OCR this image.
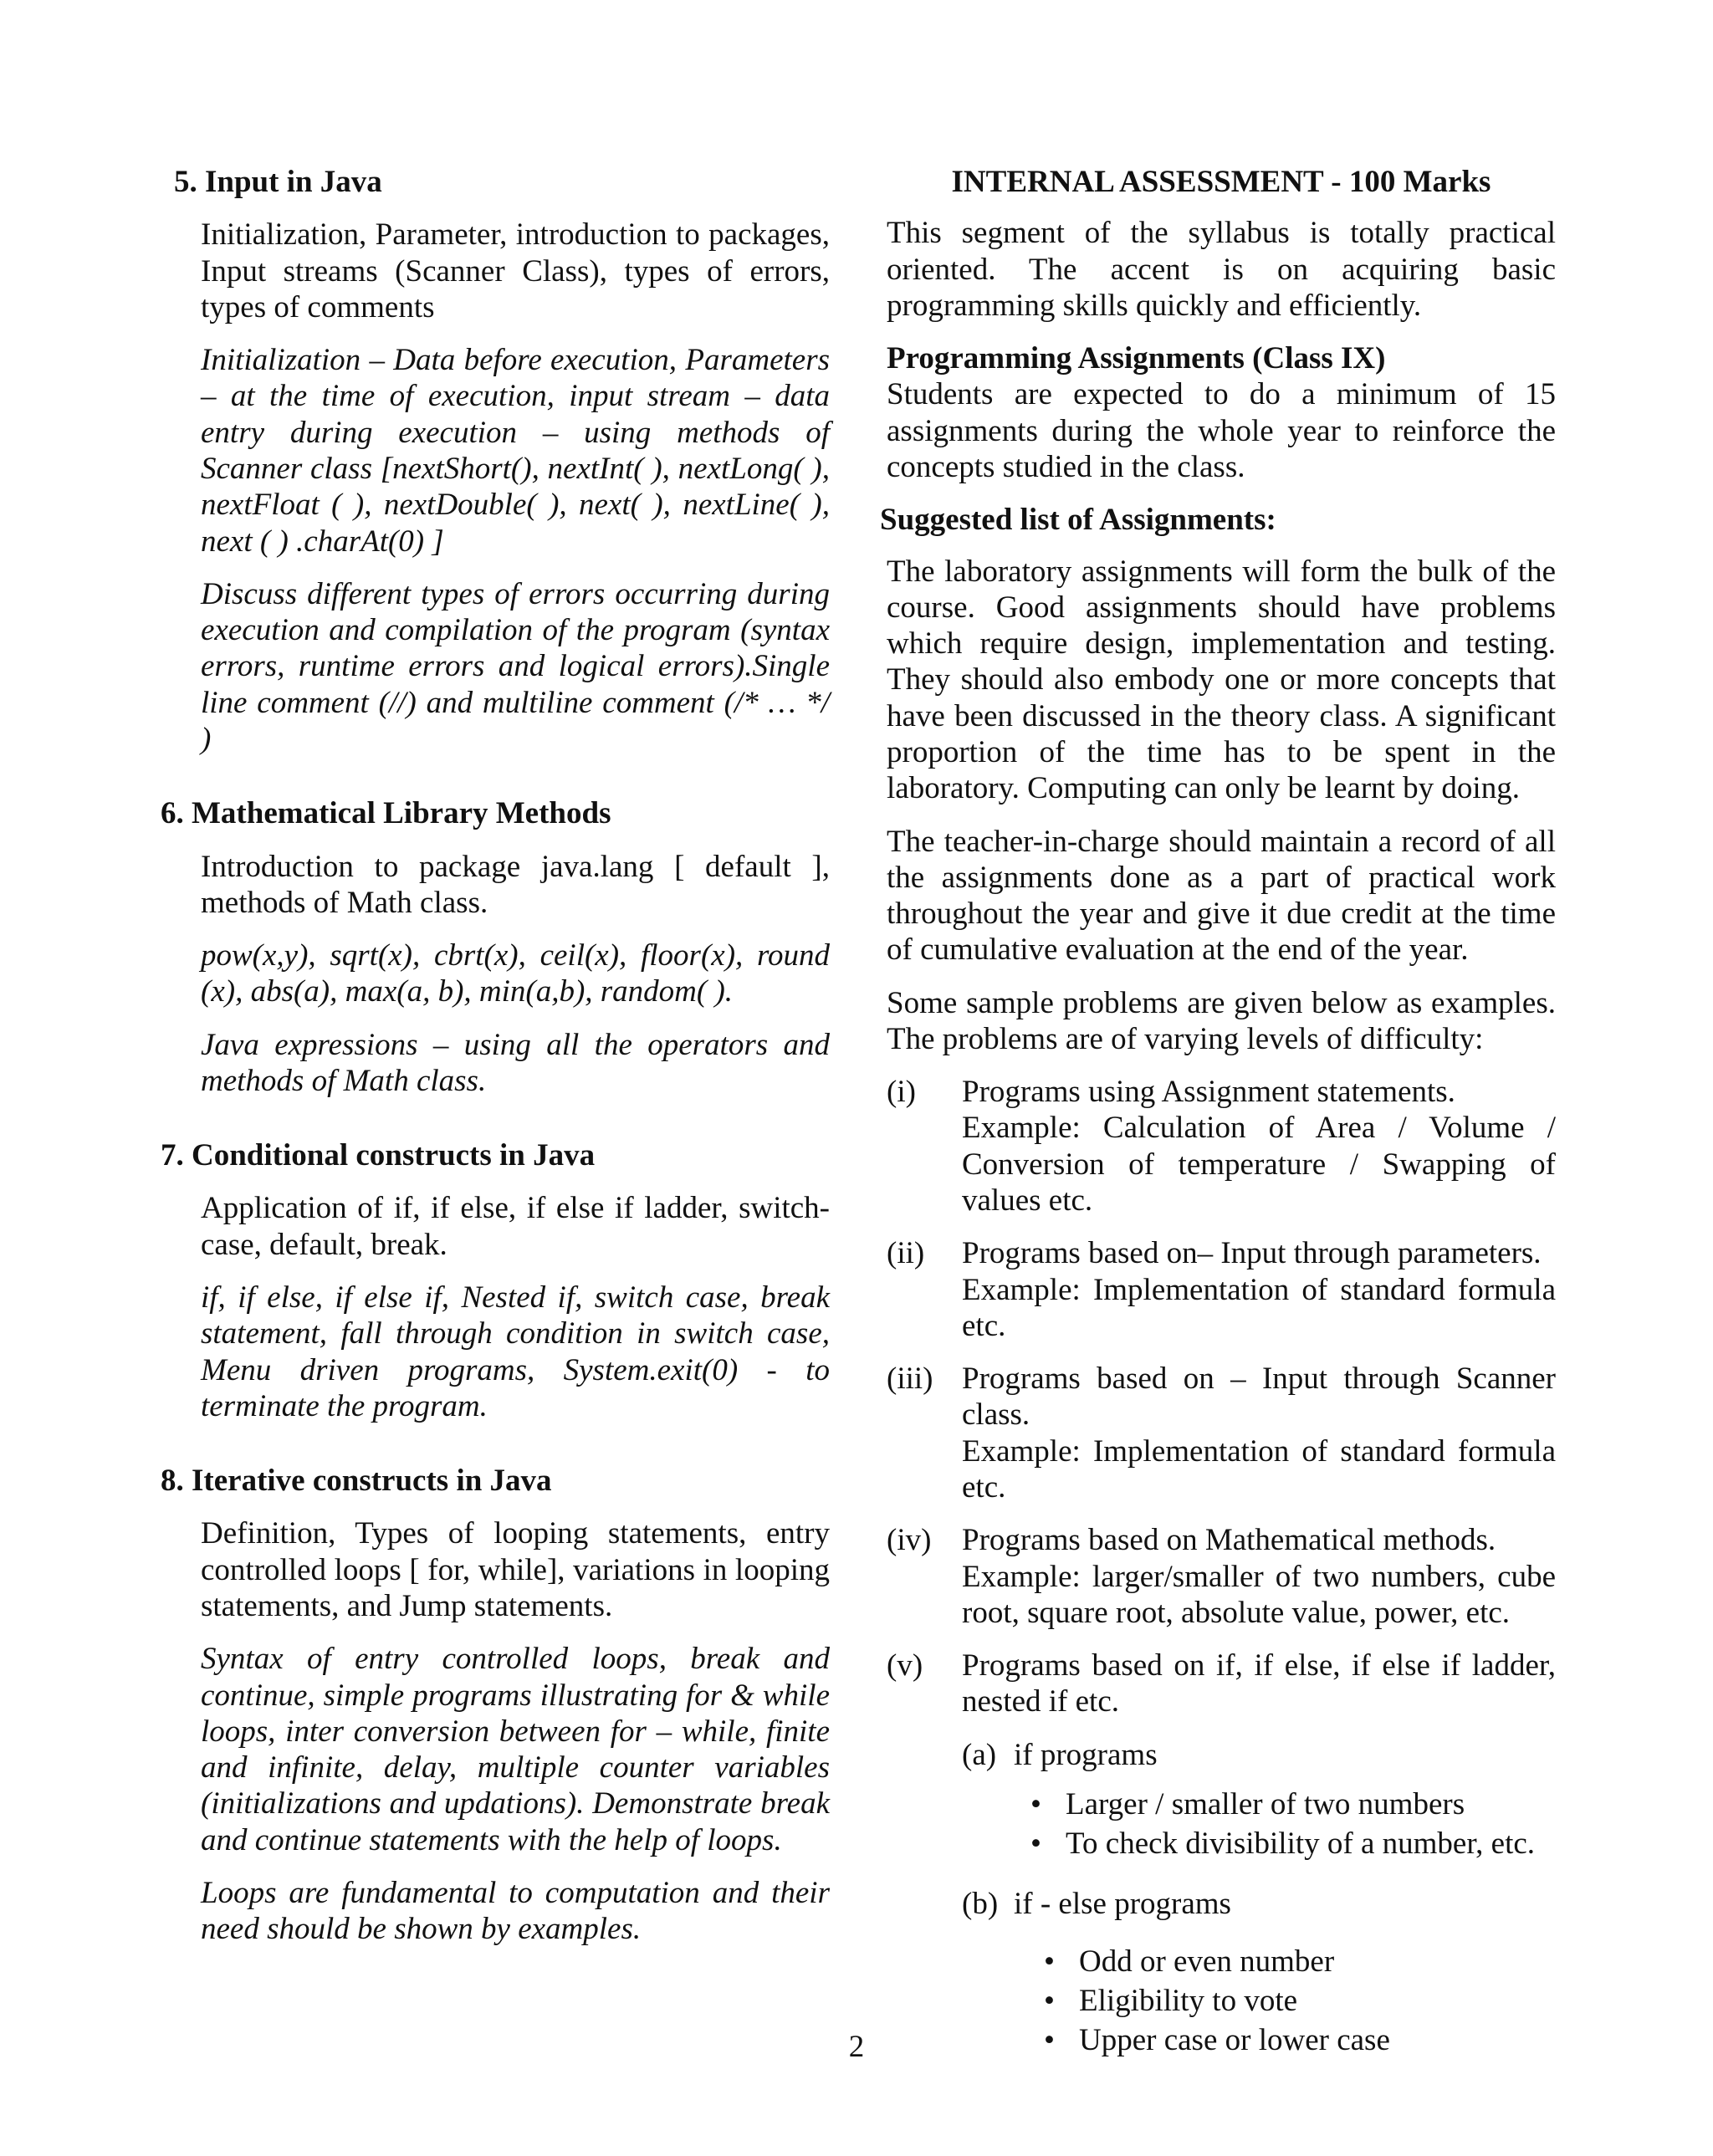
5. Input in Java

Initialization, Parameter, introduction to packages, Input streams (Scanner Class), types of errors, types of comments

Initialization – Data before execution, Parameters – at the time of execution, input stream – data entry during execution – using methods of Scanner class [nextShort(), nextInt( ), nextLong( ), nextFloat ( ), nextDouble( ), next( ), nextLine( ), next ( ) .charAt(0) ]

Discuss different types of errors occurring during execution and compilation of the program (syntax errors, runtime errors and logical errors).Single line comment (//) and multiline comment (/* … */ )

6. Mathematical Library Methods

Introduction to package java.lang [ default ], methods of Math class.

pow(x,y), sqrt(x), cbrt(x), ceil(x), floor(x), round (x), abs(a), max(a, b), min(a,b), random( ).

Java expressions – using all the operators and methods of Math class.

7. Conditional constructs in Java

Application of if, if else, if else if ladder, switch-case, default, break.

if, if else, if else if, Nested if, switch case, break statement, fall through condition in switch case, Menu driven programs, System.exit(0) - to terminate the program.

8. Iterative constructs in Java

Definition, Types of looping statements, entry controlled loops [ for, while], variations in looping statements, and Jump statements.

Syntax of entry controlled loops, break and continue, simple programs illustrating for & while loops, inter conversion between for – while, finite and infinite, delay, multiple counter variables (initializations and updations). Demonstrate break and continue statements with the help of loops.

Loops are fundamental to computation and their need should be shown by examples.

INTERNAL ASSESSMENT - 100 Marks

This segment of the syllabus is totally practical oriented. The accent is on acquiring basic programming skills quickly and efficiently.

Programming Assignments (Class IX)

Students are expected to do a minimum of 15 assignments during the whole year to reinforce the concepts studied in the class.

Suggested list of Assignments:

The laboratory assignments will form the bulk of the course. Good assignments should have problems which require design, implementation and testing. They should also embody one or more concepts that have been discussed in the theory class. A significant proportion of the time has to be spent in the laboratory. Computing can only be learnt by doing.

The teacher-in-charge should maintain a record of all the assignments done as a part of practical work throughout the year and give it due credit at the time of cumulative evaluation at the end of the year.

Some sample problems are given below as examples. The problems are of varying levels of difficulty:

(i)	Programs using Assignment statements.
Example: Calculation of Area / Volume / Conversion of temperature / Swapping of values etc.
(ii)	Programs based on– Input through parameters.
Example: Implementation of standard formula etc.
(iii) Programs based on – Input through Scanner class.
Example: Implementation of standard formula etc.
(iv) Programs based on Mathematical methods.
Example: larger/smaller of two numbers, cube root, square root, absolute value, power, etc.
(v)	Programs based on if, if else, if else if ladder, nested if etc.
(a) if programs
• Larger / smaller of two numbers
• To check divisibility of a number, etc.
(b) if - else programs
• Odd or even number
• Eligibility to vote
• Upper case or lower case
2
